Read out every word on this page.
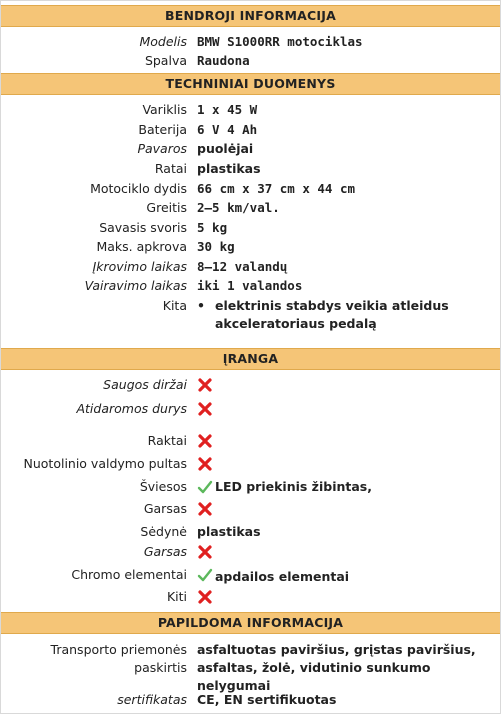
BENDROJI INFORMACIJA
Modelis BMW S1000RR motociklas
Spalva Raudona
TECHNINIAI DUOMENYS
Variklis 1 x 45 W
Baterija 6 V 4 Ah
Pavaros puolėjai
Ratai plastikas
Motociklo dydis 66 cm x 37 cm x 44 cm
Greitis 2–5 km/val.
Savasis svoris 5 kg
Maks. apkrova 30 kg
Įkrovimo laikas 8–12 valandų
Vairavimo laikas iki 1 valandos
Kita • elektrinis stabdys veikia atleidus akceleratoriaus pedalą
ĮRANGA
Saugos diržai
Atidaromos durys
Raktai
Nuotolinio valdymo pultas
Šviesos LED priekinis žibintas,
Garsas
Sėdynė plastikas
Garsas
Chromo elementai apdailos elementai
Kiti
PAPILDOMA INFORMACIJA
Transporto priemonės paskirtis
asfaltuotas paviršius, grįstas paviršius, asfaltas, žolė, vidutinio sunkumo nelygumai
sertifikatas CE, EN sertifikuotas
